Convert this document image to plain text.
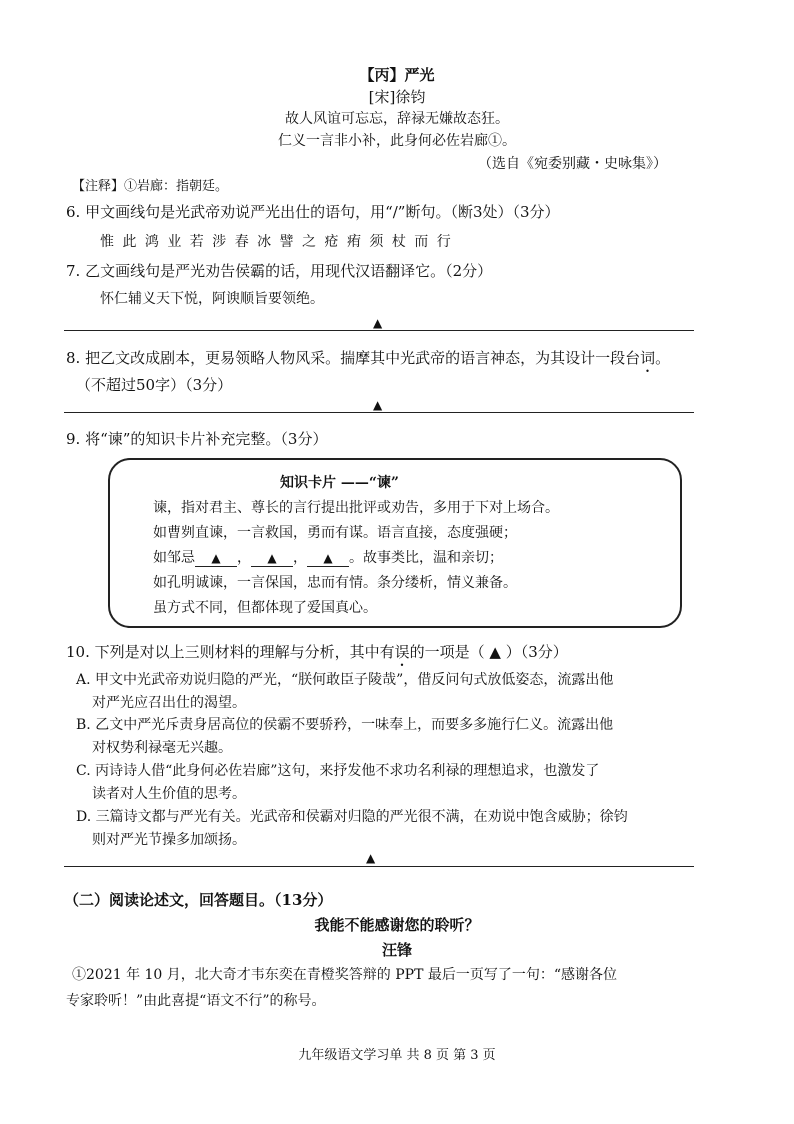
【丙】严光
[宋]徐钧
故人风谊可忘忘，辞禄无嫌故态狂。
仁义一言非小补，此身何必佐岩廊①。
（选自《宛委别藏・史咏集》）
【注释】①岩廊：指朝廷。
6. 甲文画线句是光武帝劝说严光出仕的语句，用“/”断句。（断3处）（3分）
惟 此 鸿 业 若 涉 春 冰 譬 之 疮 痏 须 杖 而 行
7. 乙文画线句是严光劝告侯霸的话，用现代汉语翻译它。（2分）
怀仁辅义天下悦，阿谀顺旨要领绝。
▲
8. 把乙文改成剧本，更易领略人物风采。揣摩其中光武帝的语言神态，为其设计一段台词。
（不超过50字）（3分）
▲
9. 将“谏”的知识卡片补充完整。（3分）
知识卡片 ——“谏”
谏，指对君主、尊长的言行提出批评或劝告，多用于下对上场合。
如曹刿直谏，一言救国，勇而有谋。语言直接，态度强硬；
如邹忌 ▲ ， ▲ ， ▲ 。故事类比，温和亲切；
如孔明诚谏，一言保国，忠而有情。条分缕析，情义兼备。
虽方式不同，但都体现了爱国真心。
10. 下列是对以上三则材料的理解与分析，其中有误的一项是（ ▲ ）（3分）
A. 甲文中光武帝劝说归隐的严光，“朕何敢臣子陵哉”，借反问句式放低姿态，流露出他
对严光应召出仕的渴望。
B. 乙文中严光斥责身居高位的侯霸不要骄矜，一味奉上，而要多多施行仁义。流露出他
对权势利禄毫无兴趣。
C. 丙诗诗人借“此身何必佐岩廊”这句，来抒发他不求功名利禄的理想追求，也激发了
读者对人生价值的思考。
D. 三篇诗文都与严光有关。光武帝和侯霸对归隐的严光很不满，在劝说中饱含威胁；徐钧
则对严光节操多加颂扬。
▲
（二）阅读论述文，回答题目。（13分）
我能不能感谢您的聆听？
汪锋
①2021 年 10 月，北大奇才韦东奕在青橙奖答辩的 PPT 最后一页写了一句：“感谢各位
专家聆听！”由此喜提“语文不行”的称号。
九年级语文学习单 共 8 页 第 3 页
